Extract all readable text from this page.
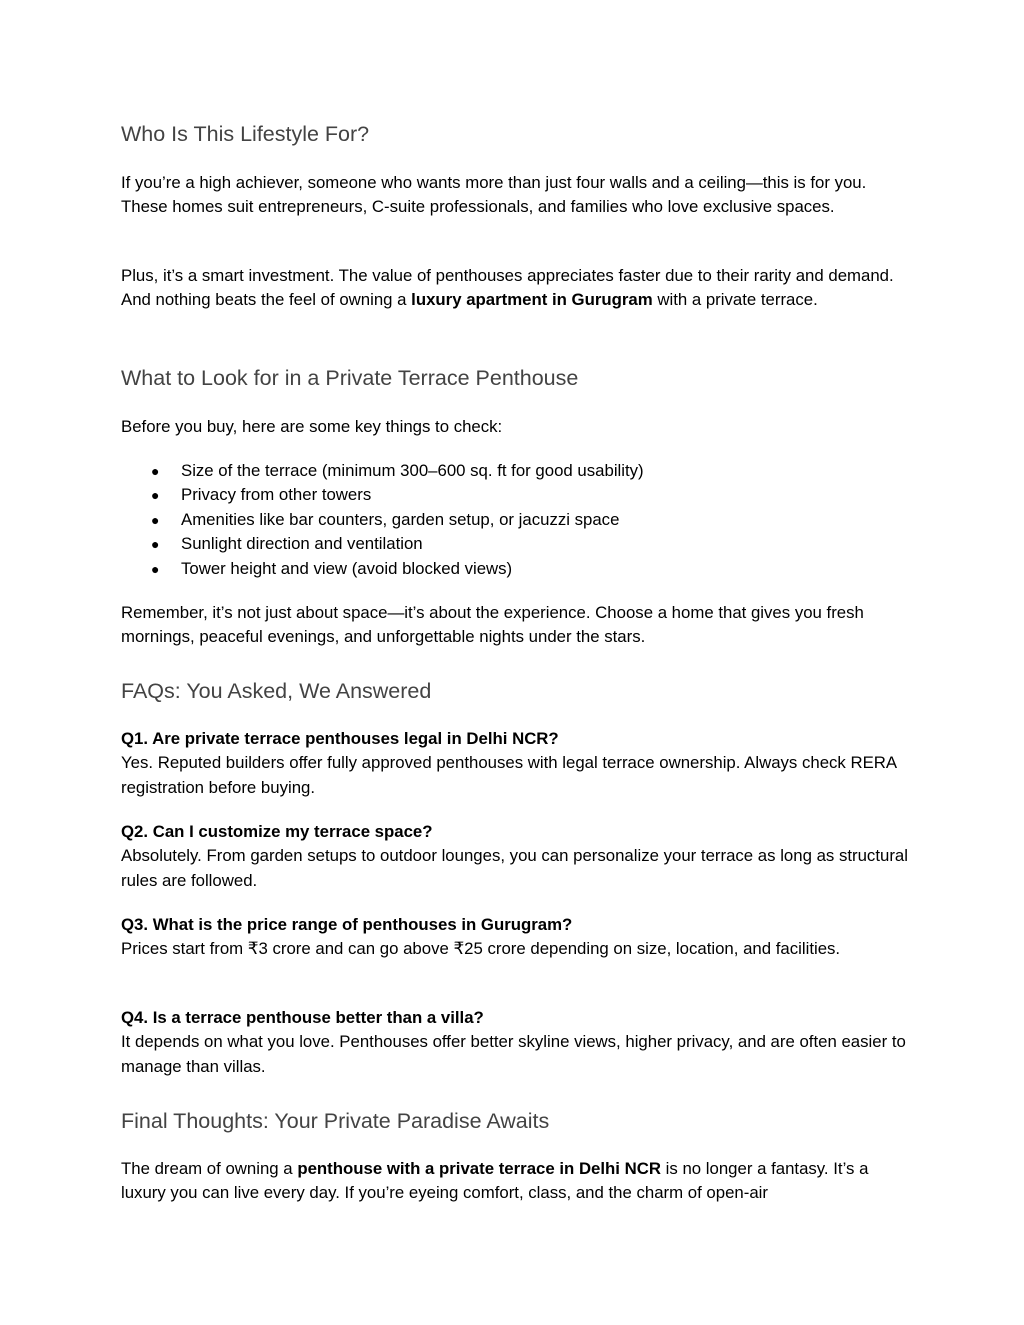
Who Is This Lifestyle For?

If you’re a high achiever, someone who wants more than just four walls and a ceiling—this is for you. These homes suit entrepreneurs, C-suite professionals, and families who love exclusive spaces.

Plus, it’s a smart investment. The value of penthouses appreciates faster due to their rarity and demand. And nothing beats the feel of owning a luxury apartment in Gurugram with a private terrace.

What to Look for in a Private Terrace Penthouse

Before you buy, here are some key things to check:

● Size of the terrace (minimum 300–600 sq. ft for good usability)
● Privacy from other towers
● Amenities like bar counters, garden setup, or jacuzzi space
● Sunlight direction and ventilation
● Tower height and view (avoid blocked views)

Remember, it’s not just about space—it’s about the experience. Choose a home that gives you fresh mornings, peaceful evenings, and unforgettable nights under the stars.

FAQs: You Asked, We Answered
Q1. Are private terrace penthouses legal in Delhi NCR?
Yes. Reputed builders offer fully approved penthouses with legal terrace ownership. Always check RERA registration before buying.
Q2. Can I customize my terrace space?
Absolutely. From garden setups to outdoor lounges, you can personalize your terrace as long as structural rules are followed.
Q3. What is the price range of penthouses in Gurugram?
Prices start from ₹3 crore and can go above ₹25 crore depending on size, location, and facilities.
Q4. Is a terrace penthouse better than a villa?
It depends on what you love. Penthouses offer better skyline views, higher privacy, and are often easier to manage than villas.
Final Thoughts: Your Private Paradise Awaits

The dream of owning a penthouse with a private terrace in Delhi NCR is no longer a fantasy. It’s a luxury you can live every day. If you’re eyeing comfort, class, and the charm of open-air
